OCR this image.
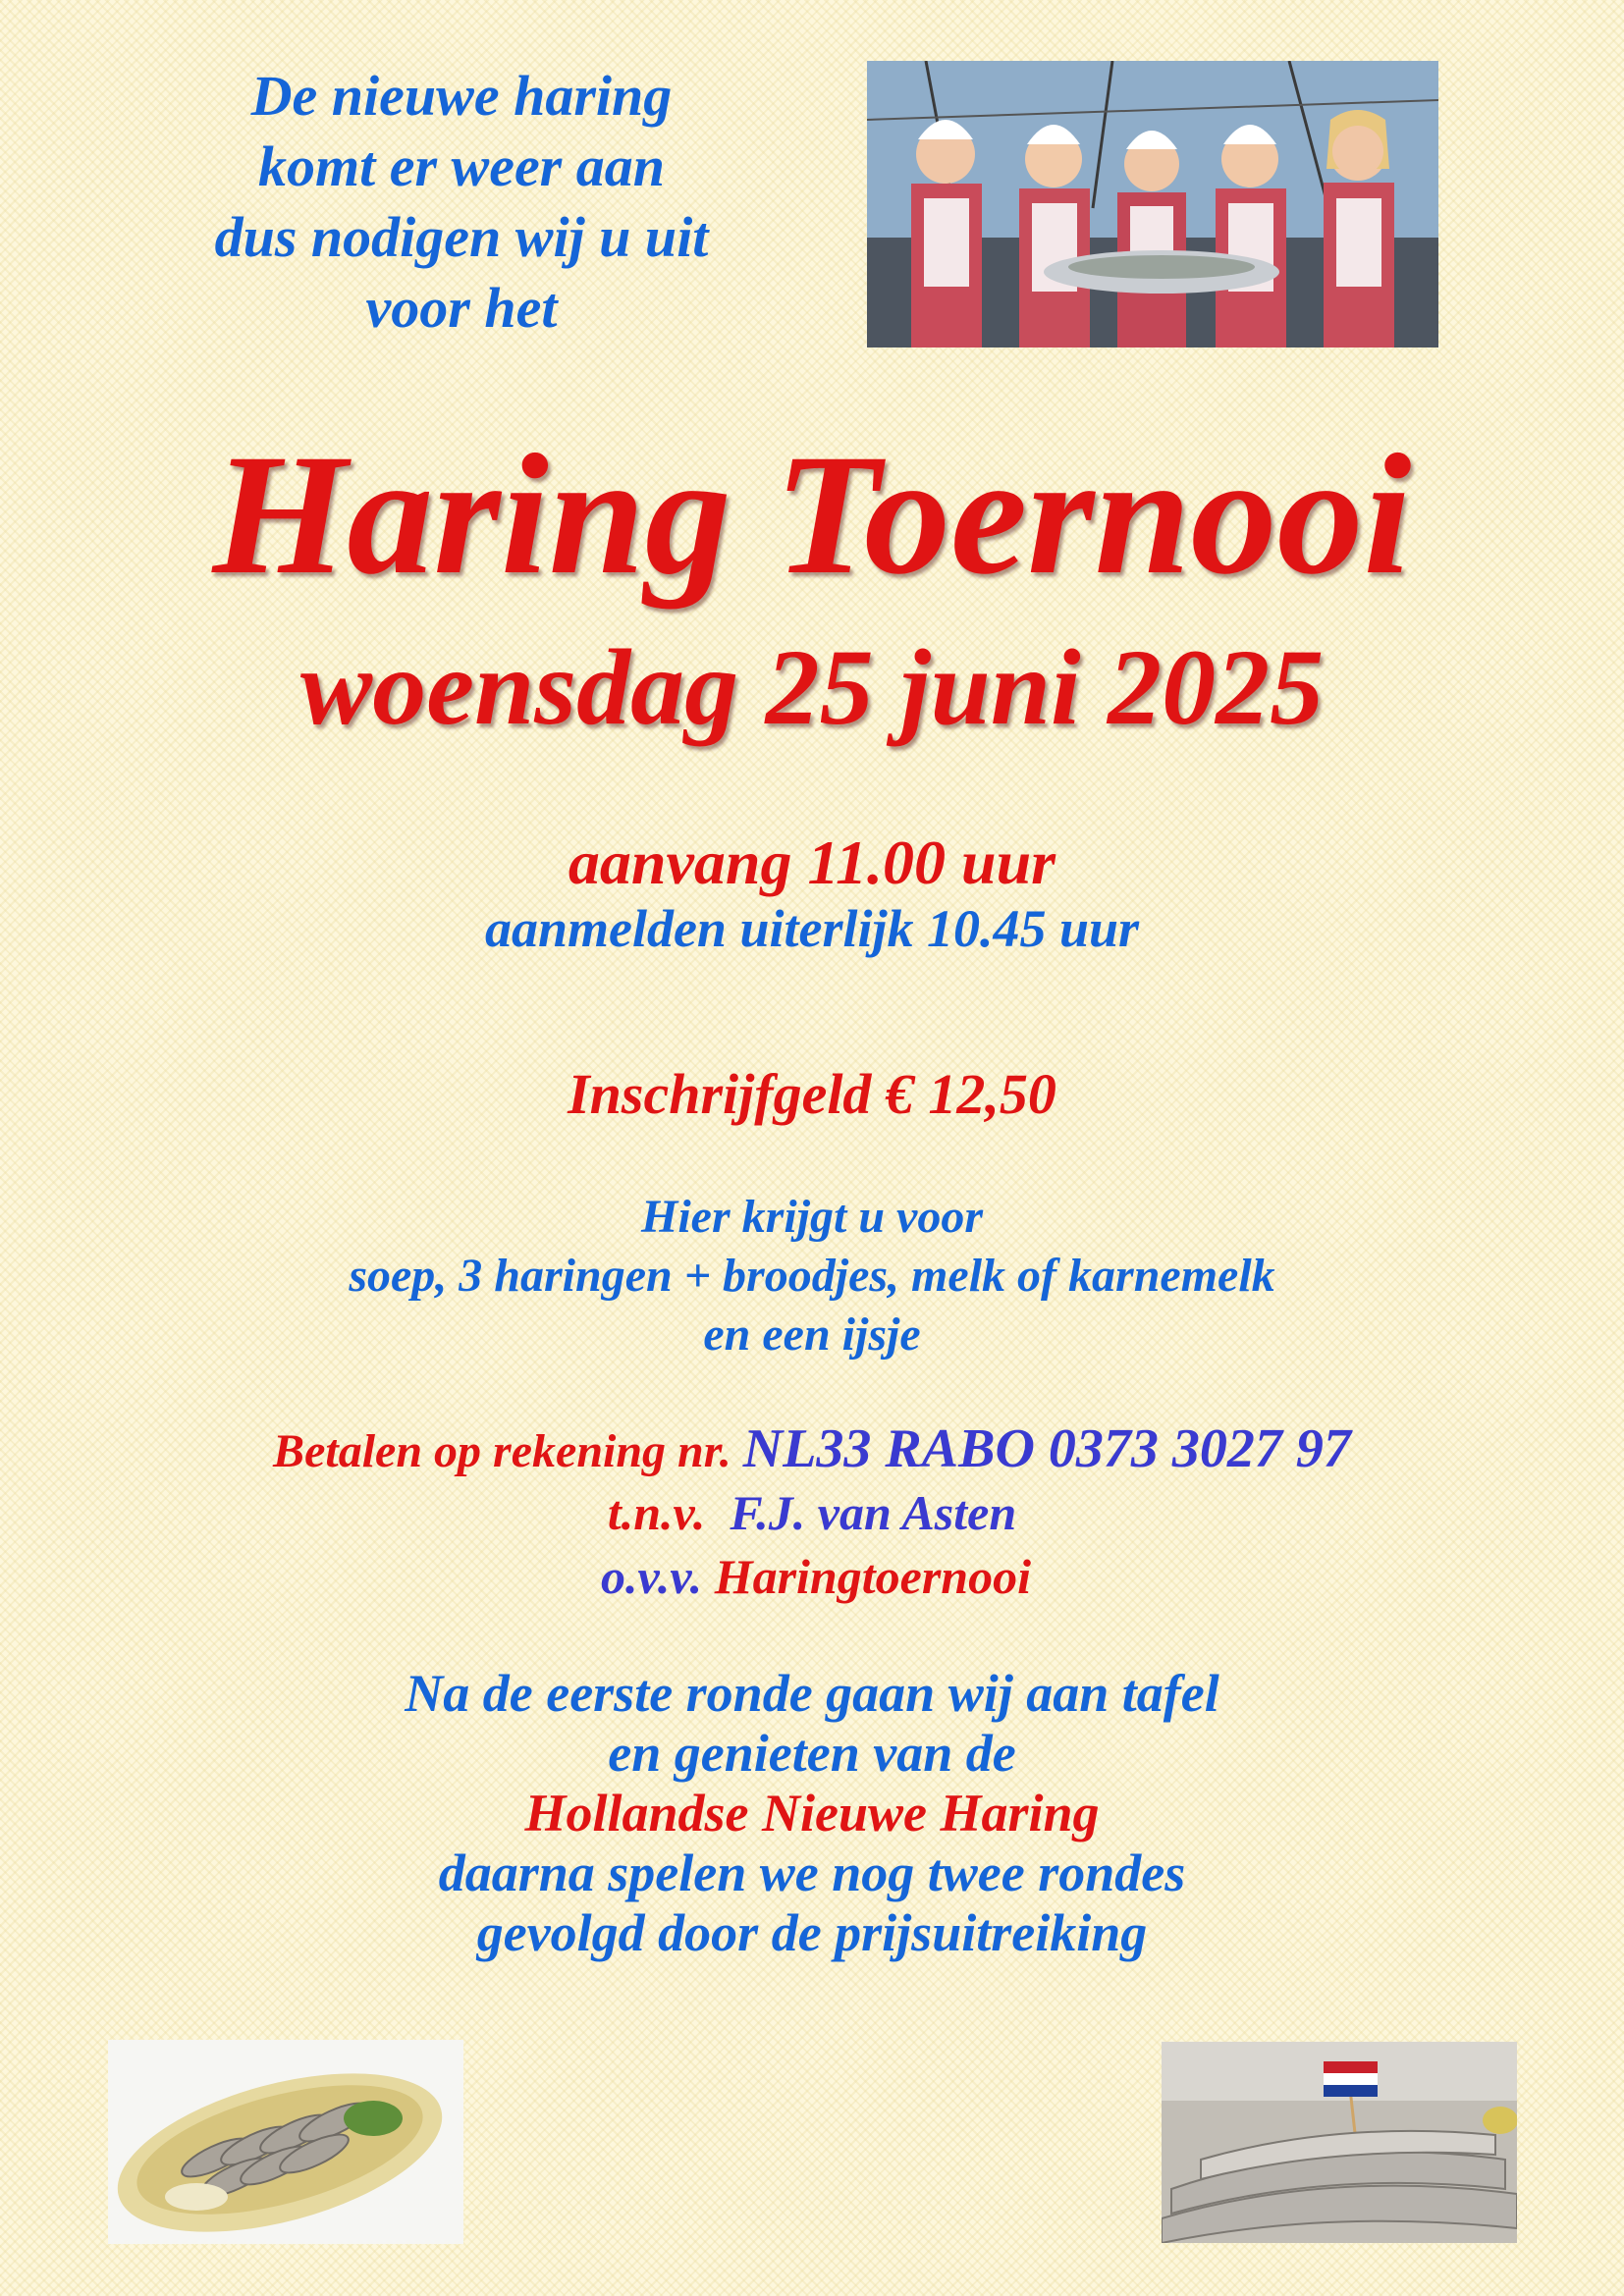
De nieuwe haring
komt er weer aan
dus nodigen wij u uit
voor het
Haring Toernooi
woensdag 25 juni 2025
aanvang 11.00 uur
aanmelden uiterlijk 10.45 uur
Inschrijfgeld € 12,50
Hier krijgt u voor
soep, 3 haringen + broodjes, melk of karnemelk
en een ijsje
Betalen op rekening nr. NL33 RABO 0373 3027 97
t.n.v. F.J. van Asten
o.v.v. Haringtoernooi
Na de eerste ronde gaan wij aan tafel
en genieten van de
Hollandse Nieuwe Haring
daarna spelen we nog twee rondes
gevolgd door de prijsuitreiking
